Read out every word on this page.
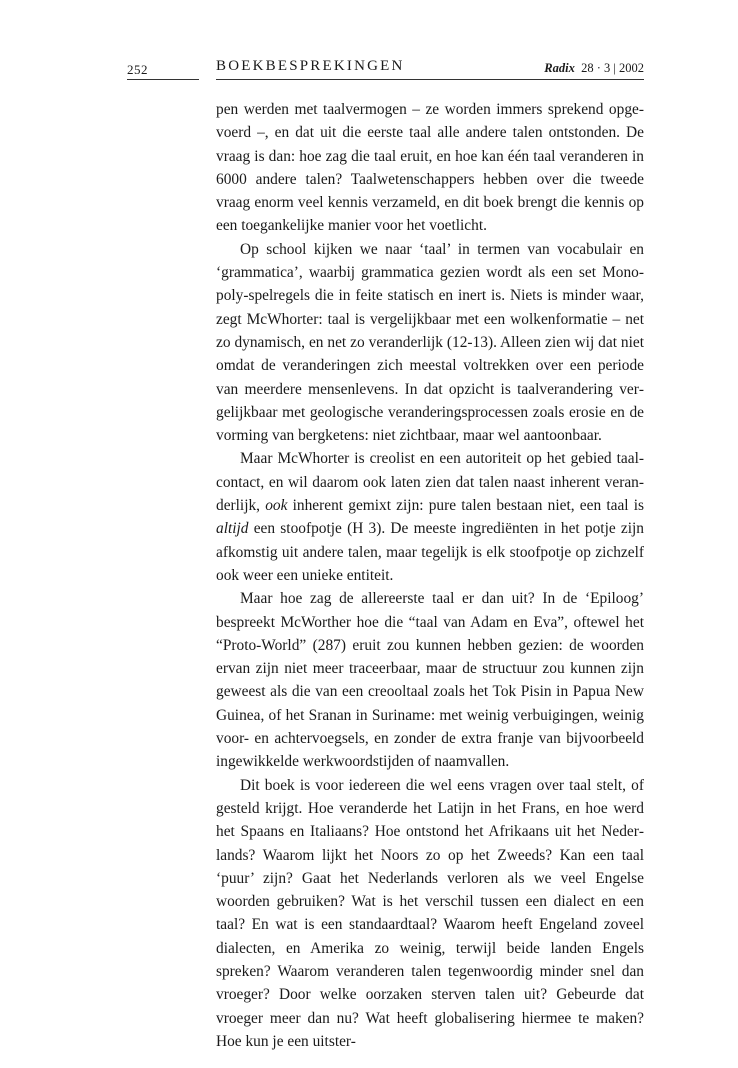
252	BOEKBESPREKINGEN	Radix 28 · 3 | 2002

pen werden met taalvermogen – ze worden immers sprekend opgevoerd –, en dat uit die eerste taal alle andere talen ontstonden. De vraag is dan: hoe zag die taal eruit, en hoe kan één taal veranderen in 6000 andere talen? Taalwetenschappers hebben over die tweede vraag enorm veel kennis verzameld, en dit boek brengt die kennis op een toegankelijke manier voor het voetlicht.

Op school kijken we naar ‘taal’ in termen van vocabulair en ‘grammatica’, waarbij grammatica gezien wordt als een set Monopoly-spelregels die in feite statisch en inert is. Niets is minder waar, zegt McWhorter: taal is vergelijkbaar met een wolkenformatie – net zo dynamisch, en net zo veranderlijk (12-13). Alleen zien wij dat niet omdat de veranderingen zich meestal voltrekken over een periode van meerdere mensenlevens. In dat opzicht is taalverandering vergelijkbaar met geologische veranderingsprocessen zoals erosie en de vorming van bergketens: niet zichtbaar, maar wel aantoonbaar.

Maar McWhorter is creolist en een autoriteit op het gebied taalcontact, en wil daarom ook laten zien dat talen naast inherent veranderlijk, ook inherent gemixt zijn: pure talen bestaan niet, een taal is altijd een stoofpotje (H 3). De meeste ingrediënten in het potje zijn afkomstig uit andere talen, maar tegelijk is elk stoofpotje op zichzelf ook weer een unieke entiteit.

Maar hoe zag de allereerste taal er dan uit? In de ‘Epiloog’ bespreekt McWorther hoe die “taal van Adam en Eva”, oftewel het “Proto-World” (287) eruit zou kunnen hebben gezien: de woorden ervan zijn niet meer traceerbaar, maar de structuur zou kunnen zijn geweest als die van een creooltaal zoals het Tok Pisin in Papua New Guinea, of het Sranan in Suriname: met weinig verbuigingen, weinig voor- en achtervoegsels, en zonder de extra franje van bijvoorbeeld ingewikkelde werkwoordstijden of naamvallen.

Dit boek is voor iedereen die wel eens vragen over taal stelt, of gesteld krijgt. Hoe veranderde het Latijn in het Frans, en hoe werd het Spaans en Italiaans? Hoe ontstond het Afrikaans uit het Nederlands? Waarom lijkt het Noors zo op het Zweeds? Kan een taal ‘puur’ zijn? Gaat het Nederlands verloren als we veel Engelse woorden gebruiken? Wat is het verschil tussen een dialect en een taal? En wat is een standaardtaal? Waarom heeft Engeland zoveel dialecten, en Amerika zo weinig, terwijl beide landen Engels spreken? Waarom veranderen talen tegenwoordig minder snel dan vroeger? Door welke oorzaken sterven talen uit? Gebeurde dat vroeger meer dan nu? Wat heeft globalisering hiermee te maken? Hoe kun je een uitster-
